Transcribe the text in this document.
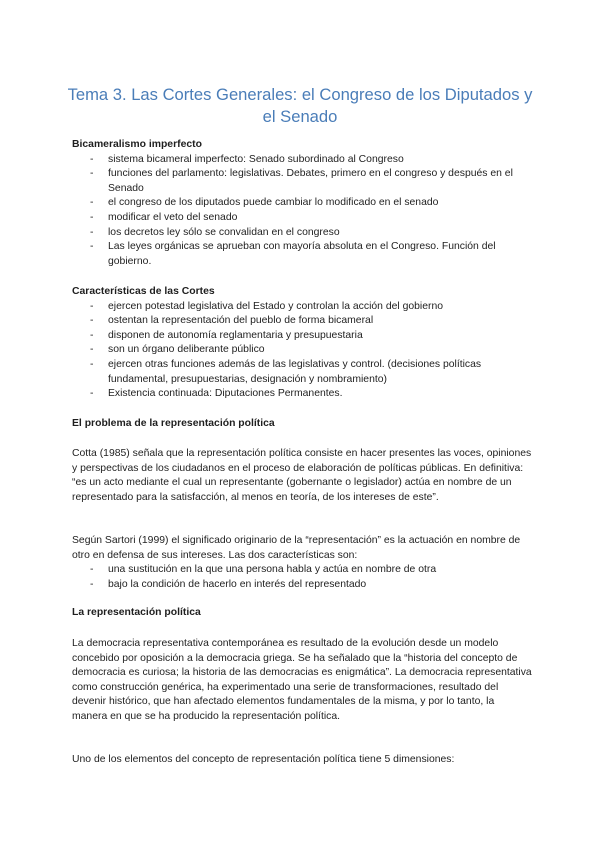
Tema 3. Las Cortes Generales: el Congreso de los Diputados y el Senado

Bicameralismo imperfecto

- sistema bicameral imperfecto: Senado subordinado al Congreso
- funciones del parlamento: legislativas. Debates, primero en el congreso y después en el Senado
- el congreso de los diputados puede cambiar lo modificado en el senado
- modificar el veto del senado
- los decretos ley sólo se convalidan en el congreso
- Las leyes orgánicas se aprueban con mayoría absoluta en el Congreso. Función del gobierno.

Características de las Cortes

- ejercen potestad legislativa del Estado y controlan la acción del gobierno
- ostentan la representación del pueblo de forma bicameral
- disponen de autonomía reglamentaria y presupuestaria
- son un órgano deliberante público
- ejercen otras funciones además de las legislativas y control. (decisiones políticas fundamental, presupuestarias, designación y nombramiento)
- Existencia continuada: Diputaciones Permanentes.

El problema de la representación política

Cotta (1985) señala que la representación política consiste en hacer presentes las voces, opiniones y perspectivas de los ciudadanos en el proceso de elaboración de políticas públicas. En definitiva: “es un acto mediante el cual un representante (gobernante o legislador) actúa en nombre de un representado para la satisfacción, al menos en teoría, de los intereses de este”.

Según Sartori (1999) el significado originario de la “representación” es la actuación en nombre de otro en defensa de sus intereses. Las dos características son:

- una sustitución en la que una persona habla y actúa en nombre de otra
- bajo la condición de hacerlo en interés del representado

La representación política

La democracia representativa contemporánea es resultado de la evolución desde un modelo concebido por oposición a la democracia griega. Se ha señalado que la “historia del concepto de democracia es curiosa; la historia de las democracias es enigmática”. La democracia representativa como construcción genérica, ha experimentado una serie de transformaciones, resultado del devenir histórico, que han afectado elementos fundamentales de la misma, y por lo tanto, la manera en que se ha producido la representación política.

Uno de los elementos del concepto de representación política tiene 5 dimensiones:
